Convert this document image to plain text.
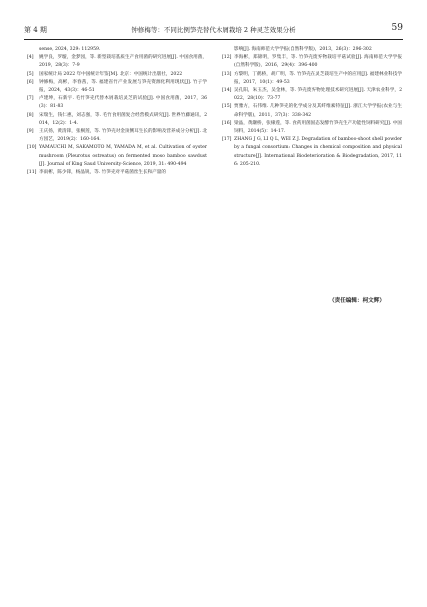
第 4 期	钟修梅等：不同比例笋壳替代木屑栽培 2 种灵芝效果分析	59

sense, 2024, 329: 112959.

[4] 姚学良，罗璇，金梦园，等. 新型栽培基质生产食用菌的研究进展[J]. 中国食用菌，2019，28(3)：7-9

[5] 国家统计局 2022 年中国统计年鉴[M]. 北京：中国统计出版社，2022

[6] 钟修梅，高彬，李春茜，等. 福建省竹产业发展与笋壳资源化利用现状[J]. 竹子学报，2024，43(3)：46-51

[7] 卢建坤，石新宇. 毛竹笋壳代替木屑栽培灵芝的试验[J]. 中国食用菌，2017，36(3)：81-83

[8] 宋瑞生，钱仁惠，刘志强，等. 毛竹食用菌复合经营模式研究[J]. 世界竹藤通讯，2014，12(2)：1-4.

[9] 王庆扬，黄清锋，张桐莲，等. 竹笋壳对金顶侧耳生长的影响及营养成分分析[J]. 北方园艺，2019(2)：160-164.

[10] YAMAUCHI M, SAKAMOTO M, YAMADA M, et al. Cultivation of oyster mushroom (Pleurotus ostreatus) on fermented moso bamboo sawdust[J]. Journal of King Saud University-Science, 2019, 31: 490-494

[11] 李雨彬，陈少锋，杨晶锐，等. 竹笋壳对平菇菌丝生长和产量的

影响[J]. 海南师范大学学报(自然科学版)，2013，26(3)：296-302

[12] 李海彬，郑锦明，罗集丰，等. 竹笋壳废弃物栽培平菇试验[J]. 海南师范大学学报(自然科学版)，2016，29(4)：396-400

[13] 方黎明，丁鹤桥，胡广明，等. 竹笋壳在灵芝栽培生产中的应用[J]. 福建林业科技学报，2017，10(1)：49-53

[14] 吴孔阳，朱玉杰，吴金林，等. 笋壳废弃物处理技术研究进展[J]. 天津农业科学，2022，28(10)：73-77

[15] 贾雅方，石伟维. 几种笋壳的化学成分及其纤维素特征[J]. 浙江大学学报(农业与生命科学版)，2011，37(3)：338-342

[16] 梁晶，黄灏桥，张棣莲，等. 食药用菌固态发酵竹笋壳生产功能性饲料研究[J]. 中国饲料，2014(5)：14-17.

[17] ZHANG J G, LI Q L, WEI Z J. Degradation of bamboo-shoot shell powder by a fungal consortium: Changes in chemical composition and physical structure[J]. International Biodeterioration & Biodegradation, 2017, 116: 205-210.

（责任编辑：柯文辉）
